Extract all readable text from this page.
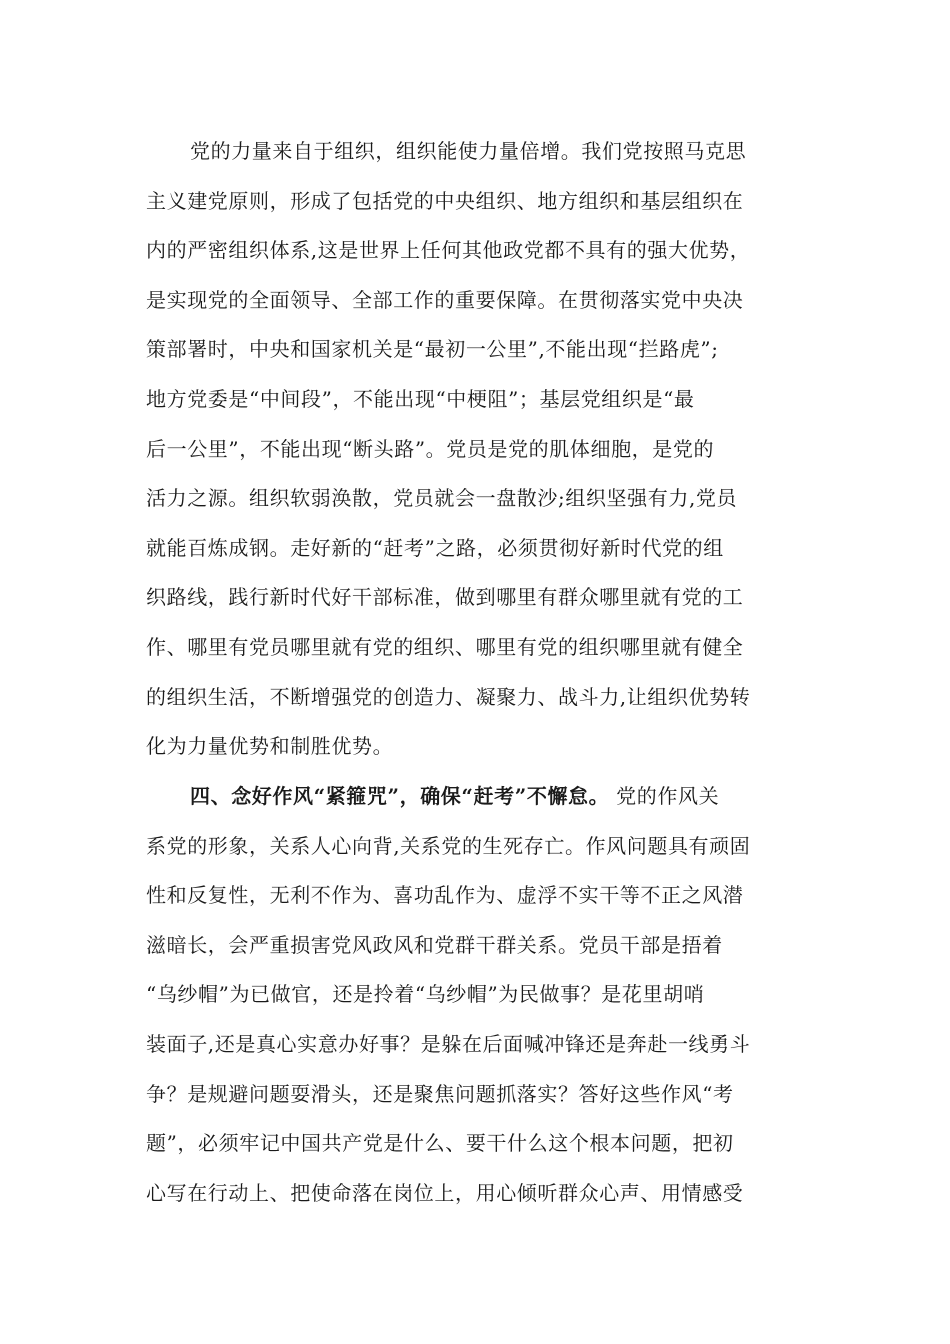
党的力量来自于组织，组织能使力量倍增。我们党按照马克思
主义建党原则，形成了包括党的中央组织、地方组织和基层组织在
内的严密组织体系,这是世界上任何其他政党都不具有的强大优势，
是实现党的全面领导、全部工作的重要保障。在贯彻落实党中央决
策部署时，中央和国家机关是“最初一公里”,不能出现“拦路虎”;
地方党委是“中间段”，不能出现“中梗阻”；基层党组织是“最
后一公里”，不能出现“断头路”。党员是党的肌体细胞，是党的
活力之源。组织软弱涣散，党员就会一盘散沙;组织坚强有力,党员
就能百炼成钢。走好新的“赶考”之路，必须贯彻好新时代党的组
织路线，践行新时代好干部标准，做到哪里有群众哪里就有党的工
作、哪里有党员哪里就有党的组织、哪里有党的组织哪里就有健全
的组织生活，不断增强党的创造力、凝聚力、战斗力,让组织优势转
化为力量优势和制胜优势。
四、念好作风“紧箍咒”，确保“赶考”不懈怠。 党的作风关
系党的形象，关系人心向背,关系党的生死存亡。作风问题具有顽固
性和反复性，无利不作为、喜功乱作为、虚浮不实干等不正之风潜
滋暗长，会严重损害党风政风和党群干群关系。党员干部是捂着
“乌纱帽”为已做官，还是拎着“乌纱帽”为民做事？是花里胡哨
装面子,还是真心实意办好事？是躲在后面喊冲锋还是奔赴一线勇斗
争？是规避问题耍滑头，还是聚焦问题抓落实？答好这些作风“考
题”，必须牢记中国共产党是什么、要干什么这个根本问题，把初
心写在行动上、把使命落在岗位上，用心倾听群众心声、用情感受
